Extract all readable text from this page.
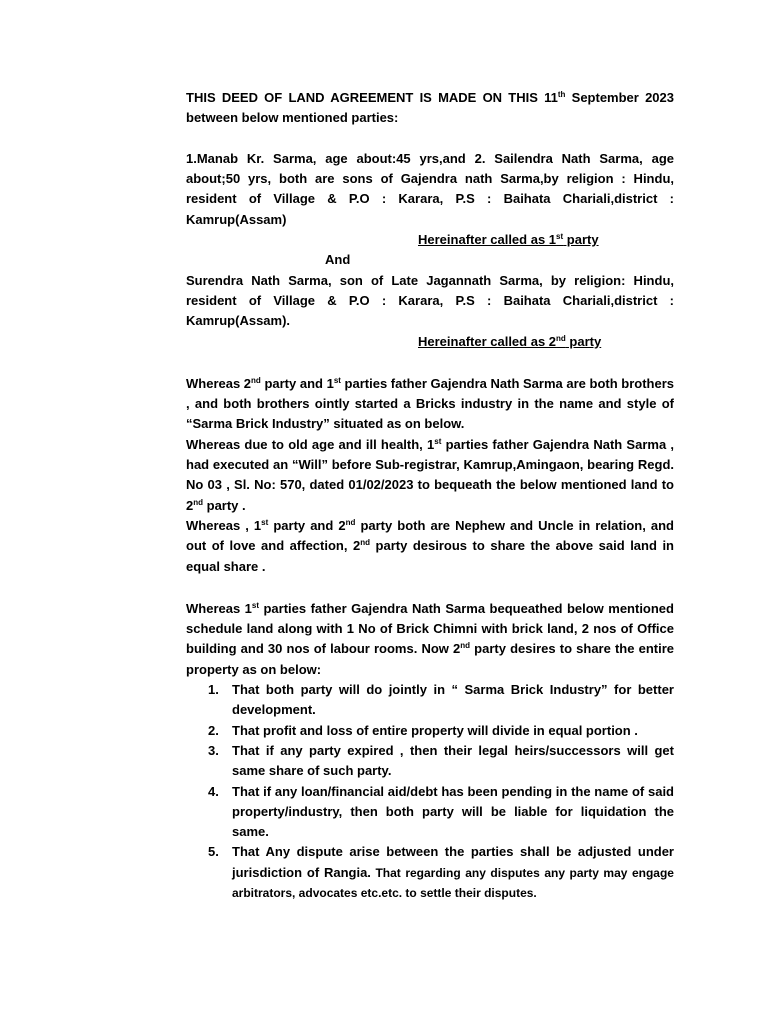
THIS DEED OF LAND AGREEMENT IS MADE ON THIS 11th September 2023 between below mentioned parties:

1.Manab Kr. Sarma, age about:45 yrs,and 2. Sailendra Nath Sarma, age about;50 yrs, both are sons of Gajendra nath Sarma,by religion : Hindu, resident of Village & P.O : Karara, P.S : Baihata Chariali,district : Kamrup(Assam)

Hereinafter called as 1st party

And

Surendra Nath Sarma, son of Late Jagannath Sarma, by religion: Hindu, resident of Village & P.O : Karara, P.S : Baihata Chariali,district : Kamrup(Assam).

Hereinafter called as 2nd party

Whereas 2nd party and 1st parties father Gajendra Nath Sarma are both brothers , and both brothers ointly started a Bricks industry in the name and style of “Sarma Brick Industry” situated as on below.

Whereas due to old age and ill health, 1st parties father Gajendra Nath Sarma , had executed an “Will” before Sub-registrar, Kamrup,Amingaon, bearing Regd. No 03 , Sl. No: 570, dated 01/02/2023 to bequeath the below mentioned land to 2nd party .

Whereas , 1st party and 2nd party both are Nephew and Uncle in relation, and out of love and affection, 2nd party desirous to share the above said land in equal share .

Whereas 1st parties father Gajendra Nath Sarma bequeathed below mentioned schedule land along with 1 No of Brick Chimni with brick land, 2 nos of Office building and 30 nos of labour rooms. Now 2nd party desires to share the entire property as on below:

1. That both party will do jointly in “ Sarma Brick Industry” for better development.
2. That profit and loss of entire property will divide in equal portion .
3. That if any party expired , then their legal heirs/successors will get same share of such party.
4. That if any loan/financial aid/debt has been pending in the name of said property/industry, then both party will be liable for liquidation the same.
5. That Any dispute arise between the parties shall be adjusted under jurisdiction of Rangia. That regarding any disputes any party may engage arbitrators, advocates etc.etc. to settle their disputes.
